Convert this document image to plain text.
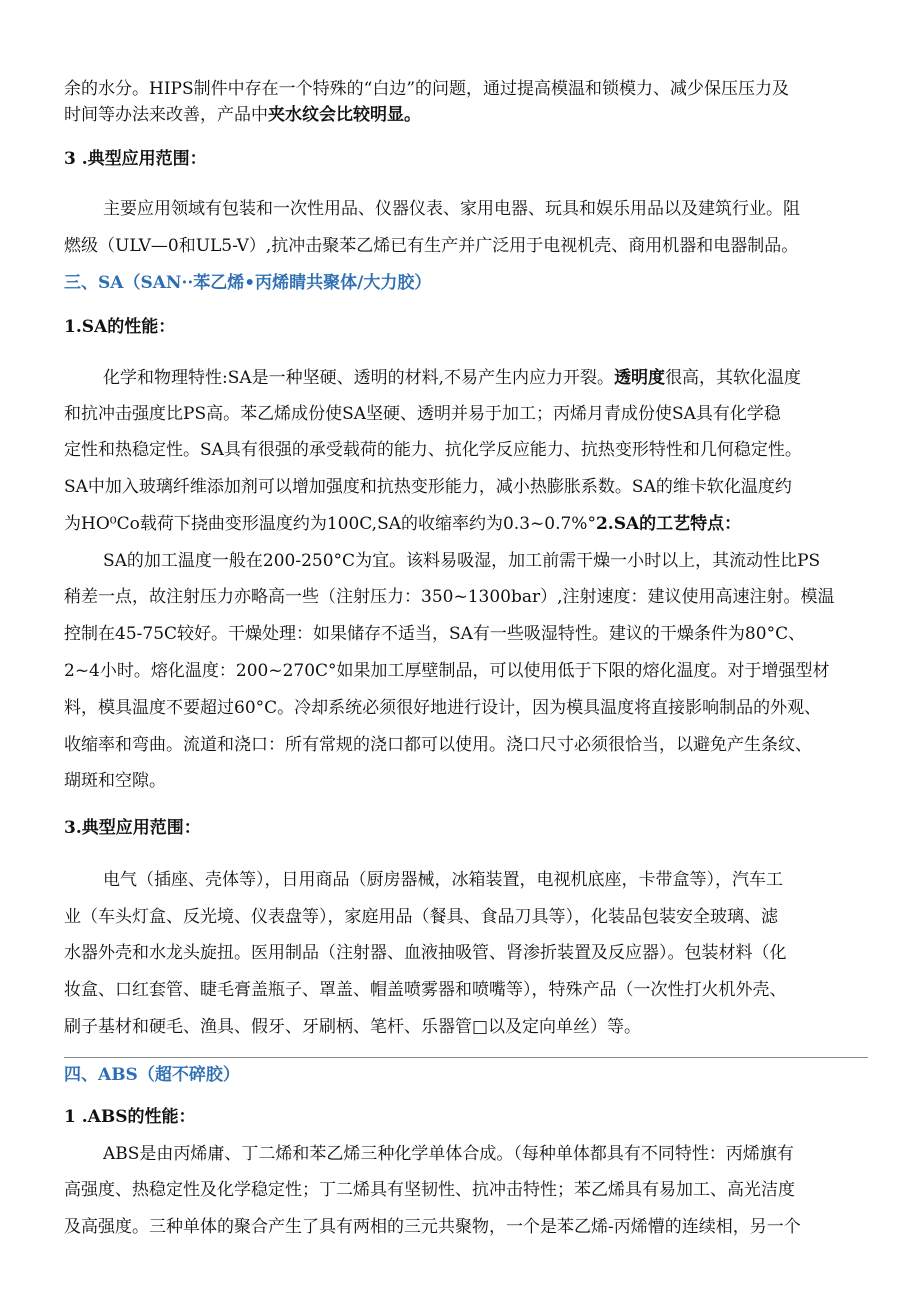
余的水分。HIPS制件中存在一个特殊的“白边”的问题，通过提高模温和锁模力、减少保压压力及
时间等办法来改善，产品中夹水纹会比较明显。
3 .典型应用范围：
主要应用领域有包装和一次性用品、仪器仪表、家用电器、玩具和娱乐用品以及建筑行业。阻
燃级（ULV—0和UL5-V）,抗冲击聚苯乙烯已有生产并广泛用于电视机壳、商用机器和电器制品。
三、SA（SAN··苯乙烯•丙烯睛共聚体/大力胶）
1.SA的性能：
化学和物理特性:SA是一种坚硬、透明的材料,不易产生内应力开裂。透明度很高，其软化温度
和抗冲击强度比PS高。苯乙烯成份使SA坚硬、透明并易于加工；丙烯月青成份使SA具有化学稳
定性和热稳定性。SA具有很强的承受载荷的能力、抗化学反应能力、抗热变形特性和几何稳定性。
SA中加入玻璃纤维添加剂可以增加强度和抗热变形能力，减小热膨胀系数。SA的维卡软化温度约
为HO⁰Co载荷下挠曲变形温度约为100C,SA的收缩率约为0.3~0.7%°2.SA的工艺特点：
SA的加工温度一般在200-250°C为宜。该料易吸湿，加工前需干燥一小时以上，其流动性比PS
稍差一点，故注射压力亦略高一些（注射压力：350~1300bar）,注射速度：建议使用高速注射。模温
控制在45-75C较好。干燥处理：如果储存不适当，SA有一些吸湿特性。建议的干燥条件为80°C、
2~4小时。熔化温度：200~270C°如果加工厚壁制品，可以使用低于下限的熔化温度。对于增强型材
料，模具温度不要超过60°C。冷却系统必须很好地进行设计，因为模具温度将直接影响制品的外观、
收缩率和弯曲。流道和浇口：所有常规的浇口都可以使用。浇口尺寸必须很恰当，以避免产生条纹、
瑚斑和空隙。
3.典型应用范围：
电气（插座、壳体等），日用商品（厨房器械，冰箱装置，电视机底座，卡带盒等），汽车工
业（车头灯盒、反光境、仪表盘等），家庭用品（餐具、食品刀具等），化装品包装安全玻璃、滤
水器外壳和水龙头旋扭。医用制品（注射器、血液抽吸管、肾渗折装置及反应器）。包装材料（化
妆盒、口红套管、睫毛膏盖瓶子、罩盖、帽盖喷雾器和喷嘴等），特殊产品（一次性打火机外壳、
刷子基材和硬毛、渔具、假牙、牙刷柄、笔杆、乐器管□以及定向单丝）等。
四、ABS（超不碎胶）
1 .ABS的性能：
ABS是由丙烯庸、丁二烯和苯乙烯三种化学单体合成。（每种单体都具有不同特性：丙烯旗有
高强度、热稳定性及化学稳定性；丁二烯具有坚韧性、抗冲击特性；苯乙烯具有易加工、高光洁度
及高强度。三种单体的聚合产生了具有两相的三元共聚物，一个是苯乙烯-丙烯懵的连续相，另一个
